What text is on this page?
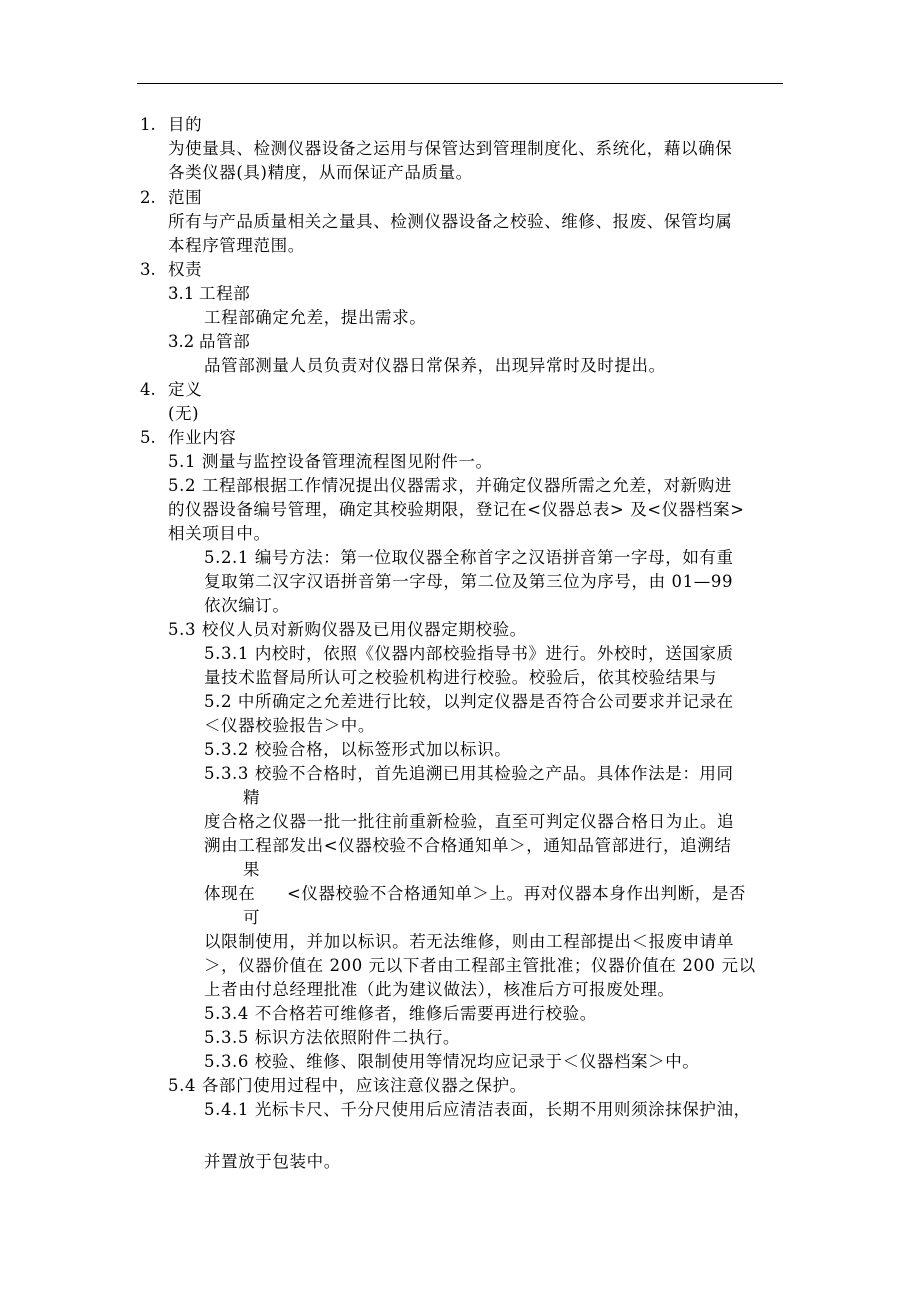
1. 目的
为使量具、检测仪器设备之运用与保管达到管理制度化、系统化，藉以确保
各类仪器(具)精度，从而保证产品质量。
2. 范围
所有与产品质量相关之量具、检测仪器设备之校验、维修、报废、保管均属
本程序管理范围。
3. 权责
3.1 工程部
工程部确定允差，提出需求。
3.2 品管部
品管部测量人员负责对仪器日常保养，出现异常时及时提出。
4. 定义
(无)
5. 作业内容
5.1 测量与监控设备管理流程图见附件一。
5.2 工程部根据工作情况提出仪器需求，并确定仪器所需之允差，对新购进
的仪器设备编号管理，确定其校验期限，登记在<仪器总表> 及<仪器档案>
相关项目中。
5.2.1 编号方法：第一位取仪器全称首字之汉语拼音第一字母，如有重
复取第二汉字汉语拼音第一字母，第二位及第三位为序号，由 01—99
依次编订。
5.3 校仪人员对新购仪器及已用仪器定期校验。
5.3.1 内校时，依照《仪器内部校验指导书》进行。外校时，送国家质
量技术监督局所认可之校验机构进行校验。校验后，依其校验结果与
5.2 中所确定之允差进行比较，以判定仪器是否符合公司要求并记录在
＜仪器校验报告＞中。
5.3.2 校验合格，以标签形式加以标识。
5.3.3 校验不合格时，首先追溯已用其检验之产品。具体作法是：用同
精
度合格之仪器一批一批往前重新检验，直至可判定仪器合格日为止。追
溯由工程部发出<仪器校验不合格通知单＞，通知品管部进行，追溯结
果
体现在 <仪器校验不合格通知单＞上。再对仪器本身作出判断，是否
可
以限制使用，并加以标识。若无法维修，则由工程部提出＜报废申请单
＞，仪器价值在 200 元以下者由工程部主管批准；仪器价值在 200 元以
上者由付总经理批准（此为建议做法），核准后方可报废处理。
5.3.4 不合格若可维修者，维修后需要再进行校验。
5.3.5 标识方法依照附件二执行。
5.3.6 校验、维修、限制使用等情况均应记录于＜仪器档案＞中。
5.4 各部门使用过程中，应该注意仪器之保护。
5.4.1 光标卡尺、千分尺使用后应清洁表面，长期不用则须涂抹保护油，
并置放于包装中。
